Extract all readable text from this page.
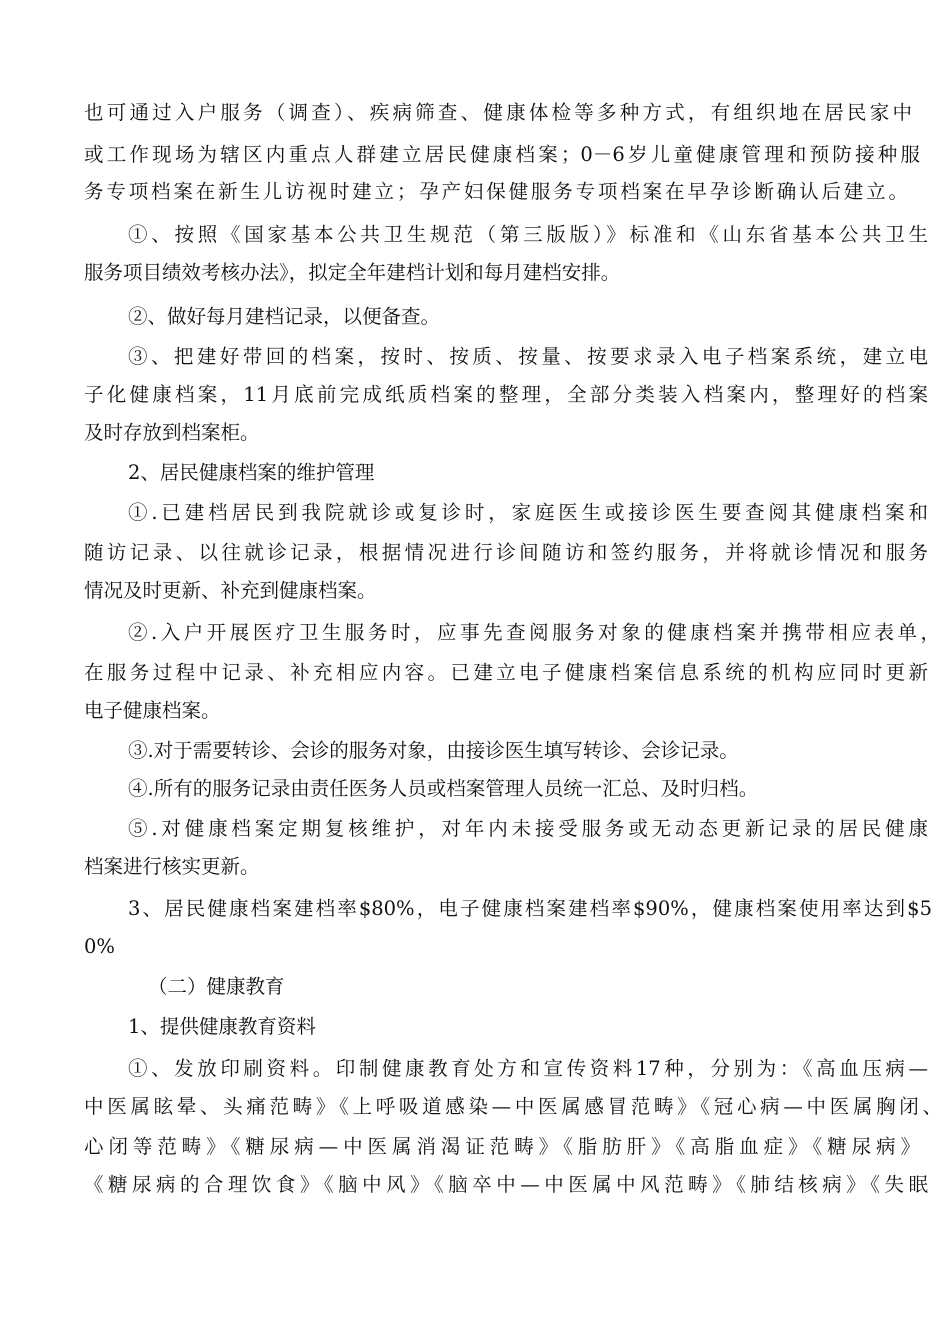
也可通过入户服务（调查）、疾病筛查、健康体检等多种方式，有组织地在居民家中
或工作现场为辖区内重点人群建立居民健康档案；0－6岁儿童健康管理和预防接种服
务专项档案在新生儿访视时建立；孕产妇保健服务专项档案在早孕诊断确认后建立。
①、按照《国家基本公共卫生规范（第三版版）》标准和《山东省基本公共卫生
服务项目绩效考核办法》，拟定全年建档计划和每月建档安排。
②、做好每月建档记录，以便备查。
③、把建好带回的档案，按时、按质、按量、按要求录入电子档案系统，建立电
子化健康档案，11月底前完成纸质档案的整理，全部分类装入档案内，整理好的档案
及时存放到档案柜。
2、居民健康档案的维护管理
①.已建档居民到我院就诊或复诊时，家庭医生或接诊医生要查阅其健康档案和
随访记录、以往就诊记录，根据情况进行诊间随访和签约服务，并将就诊情况和服务
情况及时更新、补充到健康档案。
②.入户开展医疗卫生服务时，应事先查阅服务对象的健康档案并携带相应表单，
在服务过程中记录、补充相应内容。已建立电子健康档案信息系统的机构应同时更新
电子健康档案。
③.对于需要转诊、会诊的服务对象，由接诊医生填写转诊、会诊记录。
④.所有的服务记录由责任医务人员或档案管理人员统一汇总、及时归档。
⑤.对健康档案定期复核维护，对年内未接受服务或无动态更新记录的居民健康
档案进行核实更新。
3、居民健康档案建档率$80%，电子健康档案建档率$90%，健康档案使用率达到$5
0%
（二）健康教育
1、提供健康教育资料
①、发放印刷资料。印制健康教育处方和宣传资料17种，分别为：《高血压病—
中医属眩晕、头痛范畴》《上呼吸道感染—中医属感冒范畴》《冠心病—中医属胸闭、
心闭等范畴》《糖尿病—中医属消渴证范畴》《脂肪肝》《高脂血症》《糖尿病》
《糖尿病的合理饮食》《脑中风》《脑卒中—中医属中风范畴》《肺结核病》《失眠
